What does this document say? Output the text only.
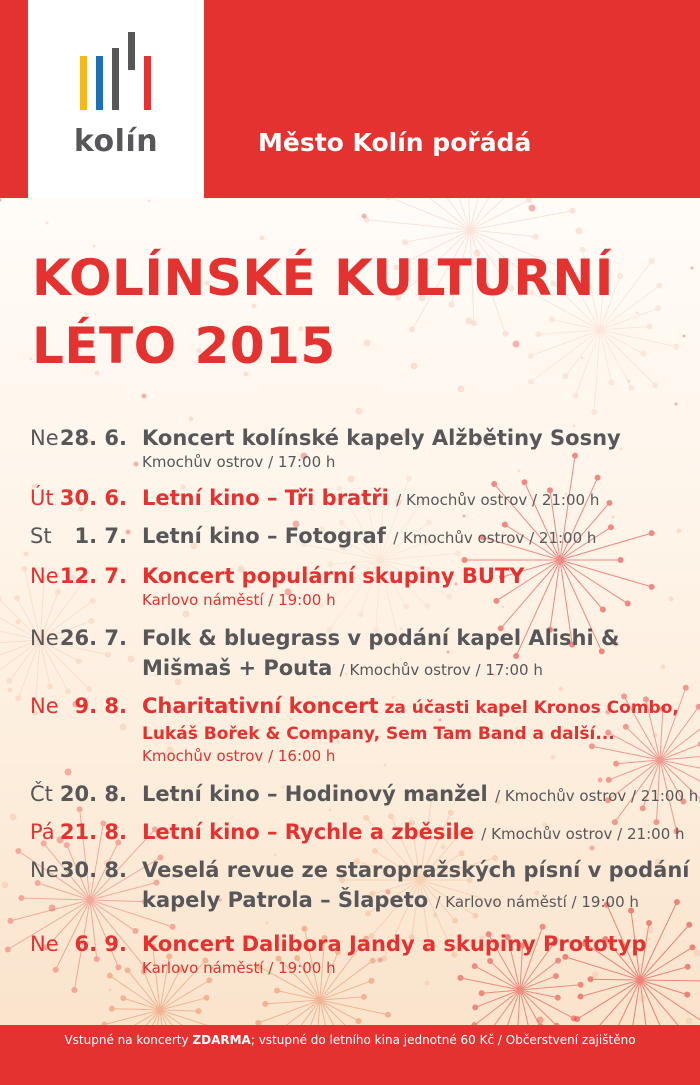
kolín	Město Kolín pořádá
KOLÍNSKÉ KULTURNÍ
LÉTO 2015
Ne 28. 6. Koncert kolínské kapely Alžbětiny Sosny
Kmochův ostrov / 17:00 h
Út 30. 6. Letní kino – Tři bratři / Kmochův ostrov / 21:00 h
St 1. 7. Letní kino – Fotograf / Kmochův ostrov / 21:00 h
Ne 12. 7. Koncert populární skupiny BUTY
Karlovo náměstí / 19:00 h
Ne 26. 7. Folk & bluegrass v podání kapel Alishi &
Mišmaš + Pouta / Kmochův ostrov / 17:00 h
Ne 9. 8. Charitativní koncert za účasti kapel Kronos Combo,
Lukáš Bořek & Company, Sem Tam Band a další...
Kmochův ostrov / 16:00 h
Čt 20. 8. Letní kino – Hodinový manžel / Kmochův ostrov / 21:00 h
Pá 21. 8. Letní kino – Rychle a zběsile / Kmochův ostrov / 21:00 h
Ne 30. 8. Veselá revue ze staropražských písní v podání
kapely Patrola – Šlapeto / Karlovo náměstí / 19:00 h
Ne 6. 9. Koncert Dalibora Jandy a skupiny Prototyp
Karlovo náměstí / 19:00 h
Vstupné na koncerty ZDARMA; vstupné do letního kina jednotné 60 Kč / Občerstvení zajištěno
